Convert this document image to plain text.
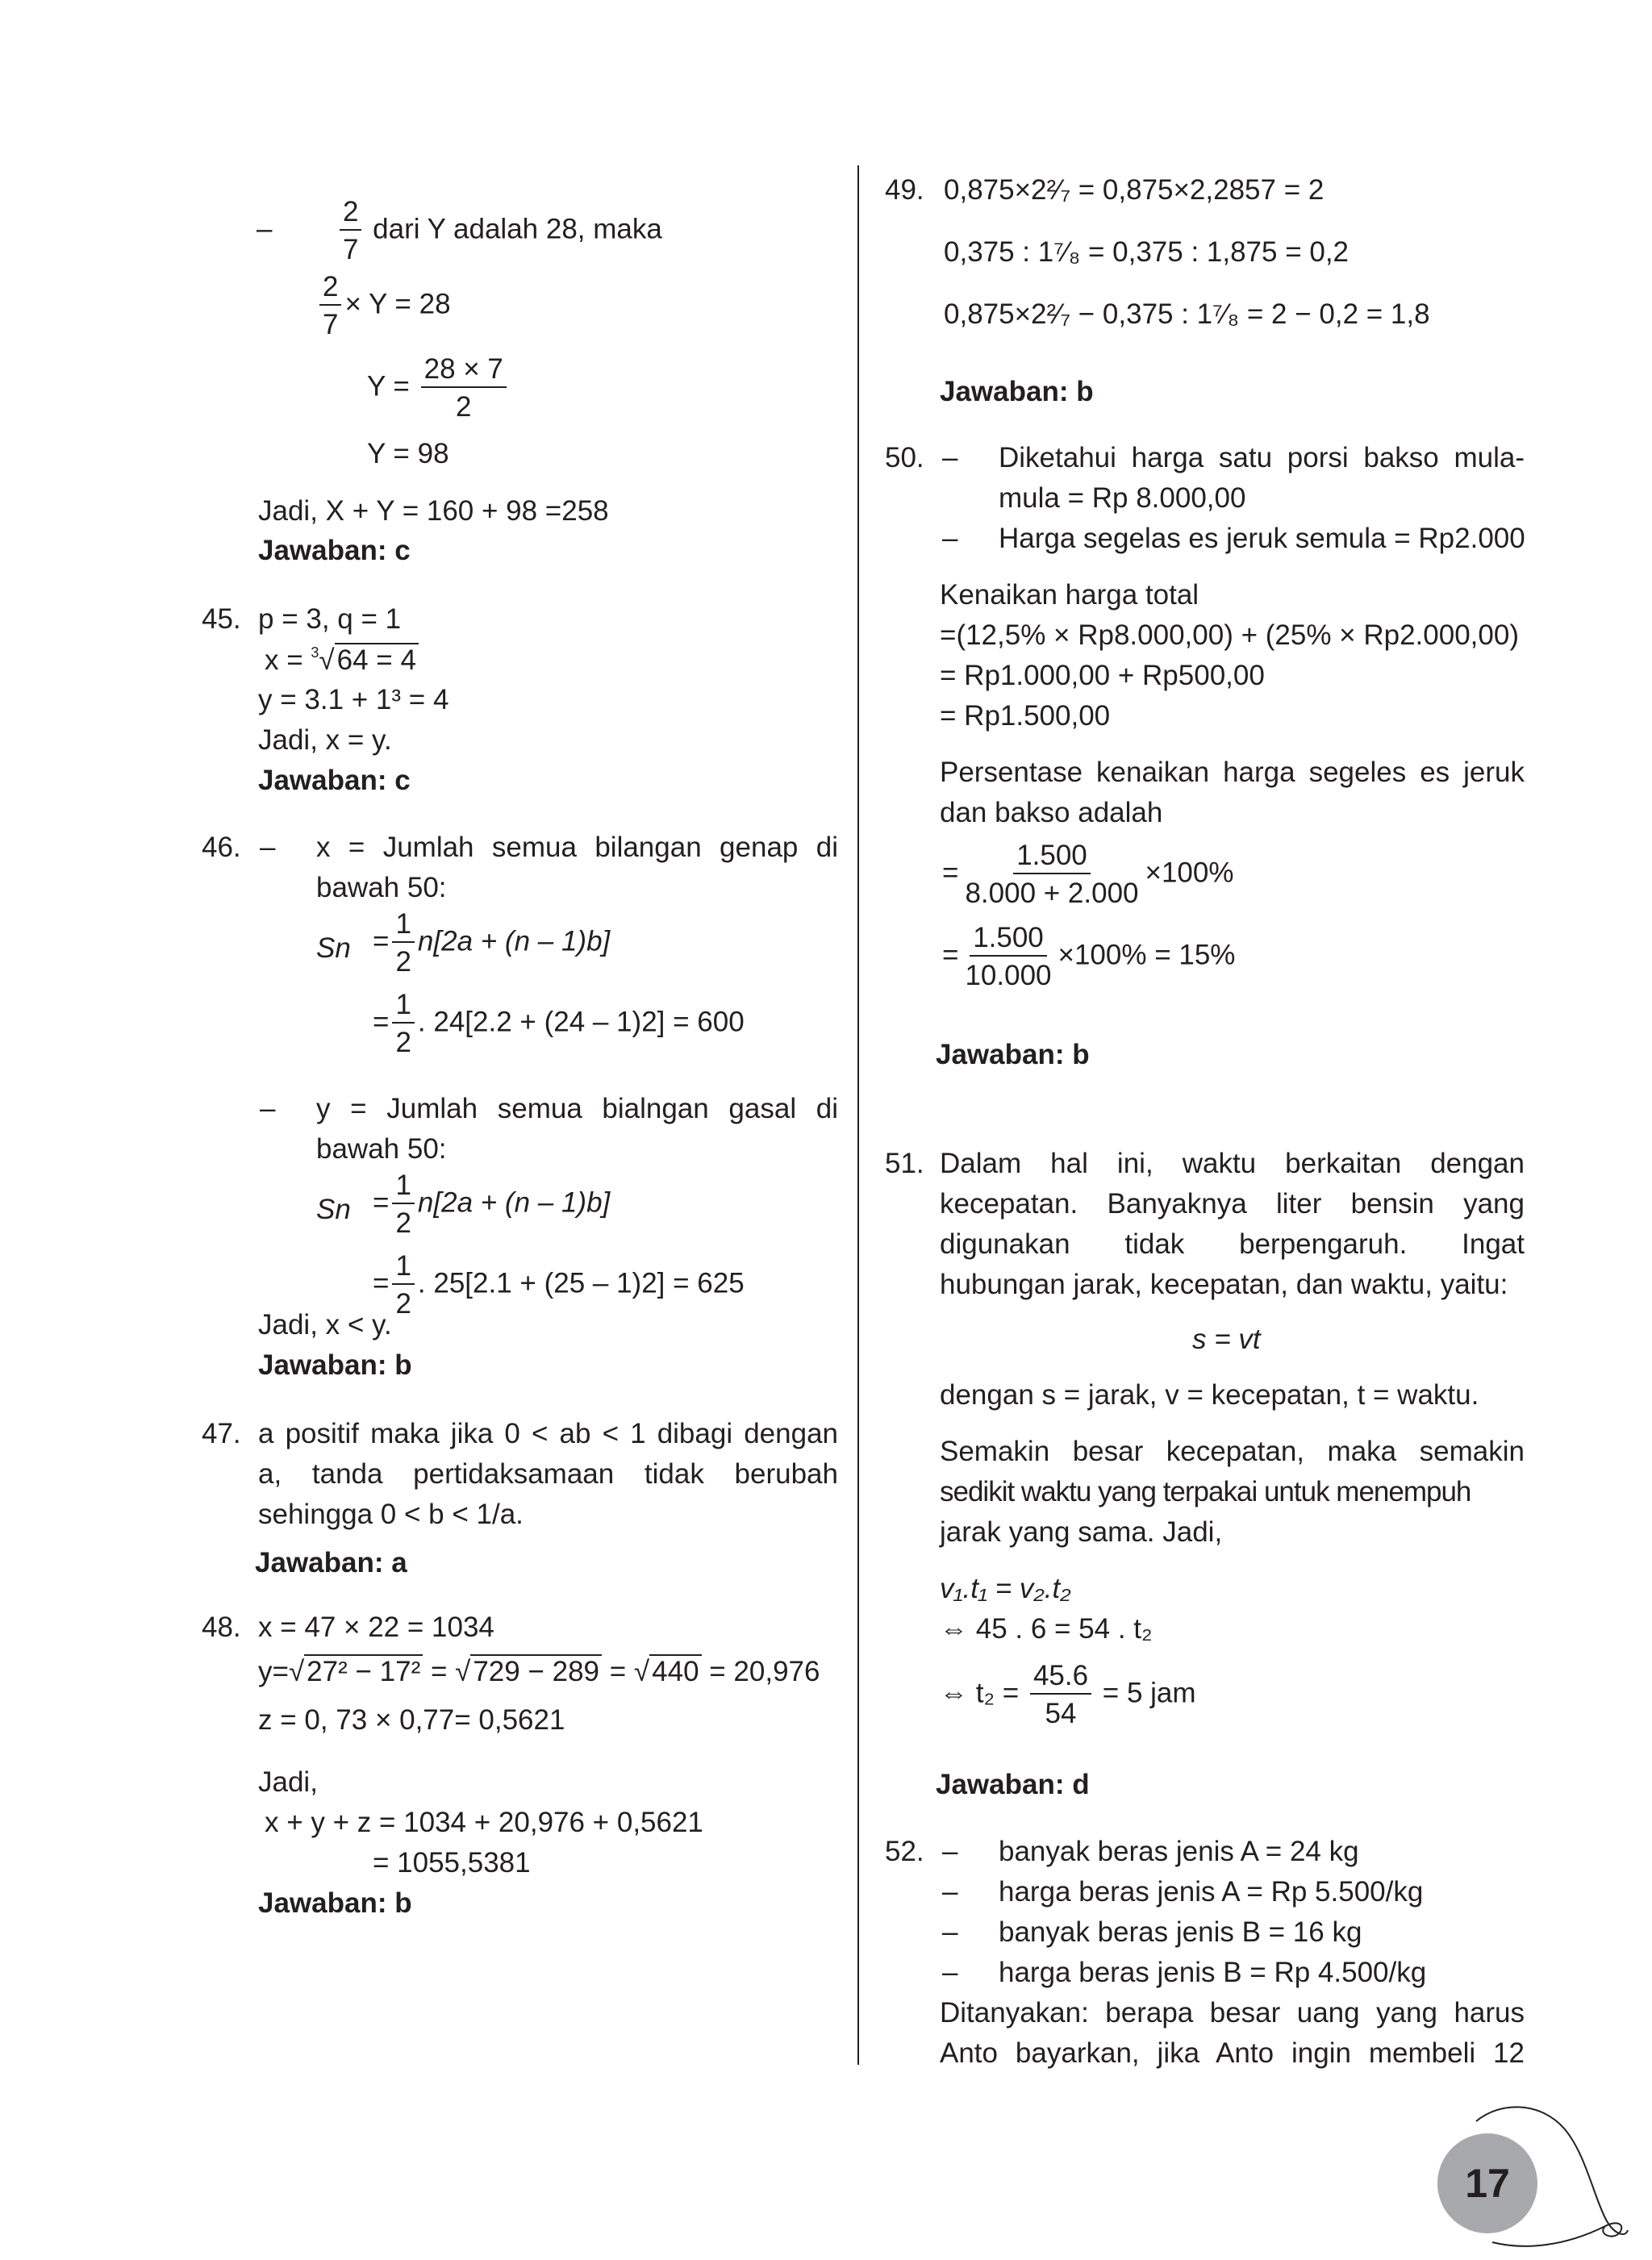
– $\frac{2}{7}$ dari Y adalah 28, maka
$\frac{2}{7} \times Y = 28$
$Y = \frac{28 \times 7}{2}$
Y = 98
Jadi, X + Y = 160 + 98 =258
Jawaban: c
45. p = 3, q = 1
x = $^3$√64 = 4
y = 3.1 + 1³ = 4
Jadi, x = y.
Jawaban: c
46. – x = Jumlah semua bilangan genap di
bawah 50:
$Sn = \frac{1}{2} n[2a + (n - 1)b]$
= $\frac{1}{2}$ . 24[2.2 + (24 – 1)2] = 600
– y = Jumlah semua bialngan gasal di
bawah 50:
$Sn = \frac{1}{2} n[2a + (n - 1)b]$
= $\frac{1}{2}$ . 25[2.1 + (25 – 1)2] = 625
Jadi, x < y.
Jawaban: b
47. a positif maka jika 0 < ab < 1 dibagi dengan
a, tanda pertidaksamaan tidak berubah
sehingga 0 < b < 1/a.
Jawaban: a
48. x = 47 × 22 = 1034
y=√27² − 17² = √729 − 289 = √440 = 20,976
z = 0, 73 × 0,77= 0,5621
Jadi,
x + y + z = 1034 + 20,976 + 0,5621
= 1055,5381
Jawaban: b
49. 0,875×2²⁄₇ = 0,875×2,2857 = 2
0,375 : 1⁷⁄₈ = 0,375 : 1,875 = 0,2
0,875×2²⁄₇ − 0,375 : 1⁷⁄₈ = 2 − 0,2 = 1,8
Jawaban: b
50. – Diketahui harga satu porsi bakso mula-
mula = Rp 8.000,00
– Harga segelas es jeruk semula = Rp2.000
Kenaikan harga total
=(12,5% × Rp8.000,00) + (25% × Rp2.000,00)
= Rp1.000,00 + Rp500,00
= Rp1.500,00
Persentase kenaikan harga segeles es jeruk
dan bakso adalah
= $\frac{1.500}{8.000 + 2.000} \times 100\%$
= $\frac{1.500}{10.000} \times 100\% = 15\%$
Jawaban: b
51. Dalam hal ini, waktu berkaitan dengan
kecepatan. Banyaknya liter bensin yang
digunakan tidak berpengaruh. Ingat
hubungan jarak, kecepatan, dan waktu, yaitu:
s = vt
dengan s = jarak, v = kecepatan, t = waktu.
Semakin besar kecepatan, maka semakin
sedikit waktu yang terpakai untuk menempuh
jarak yang sama. Jadi,
v₁.t₁ = v₂.t₂
⇔ 45 . 6 = 54 . t₂
⇔ $t_2 = \frac{45.6}{54} = 5$ jam
Jawaban: d
52. – banyak beras jenis A = 24 kg
– harga beras jenis A = Rp 5.500/kg
– banyak beras jenis B = 16 kg
– harga beras jenis B = Rp 4.500/kg
Ditanyakan: berapa besar uang yang harus
Anto bayarkan, jika Anto ingin membeli 12
17
